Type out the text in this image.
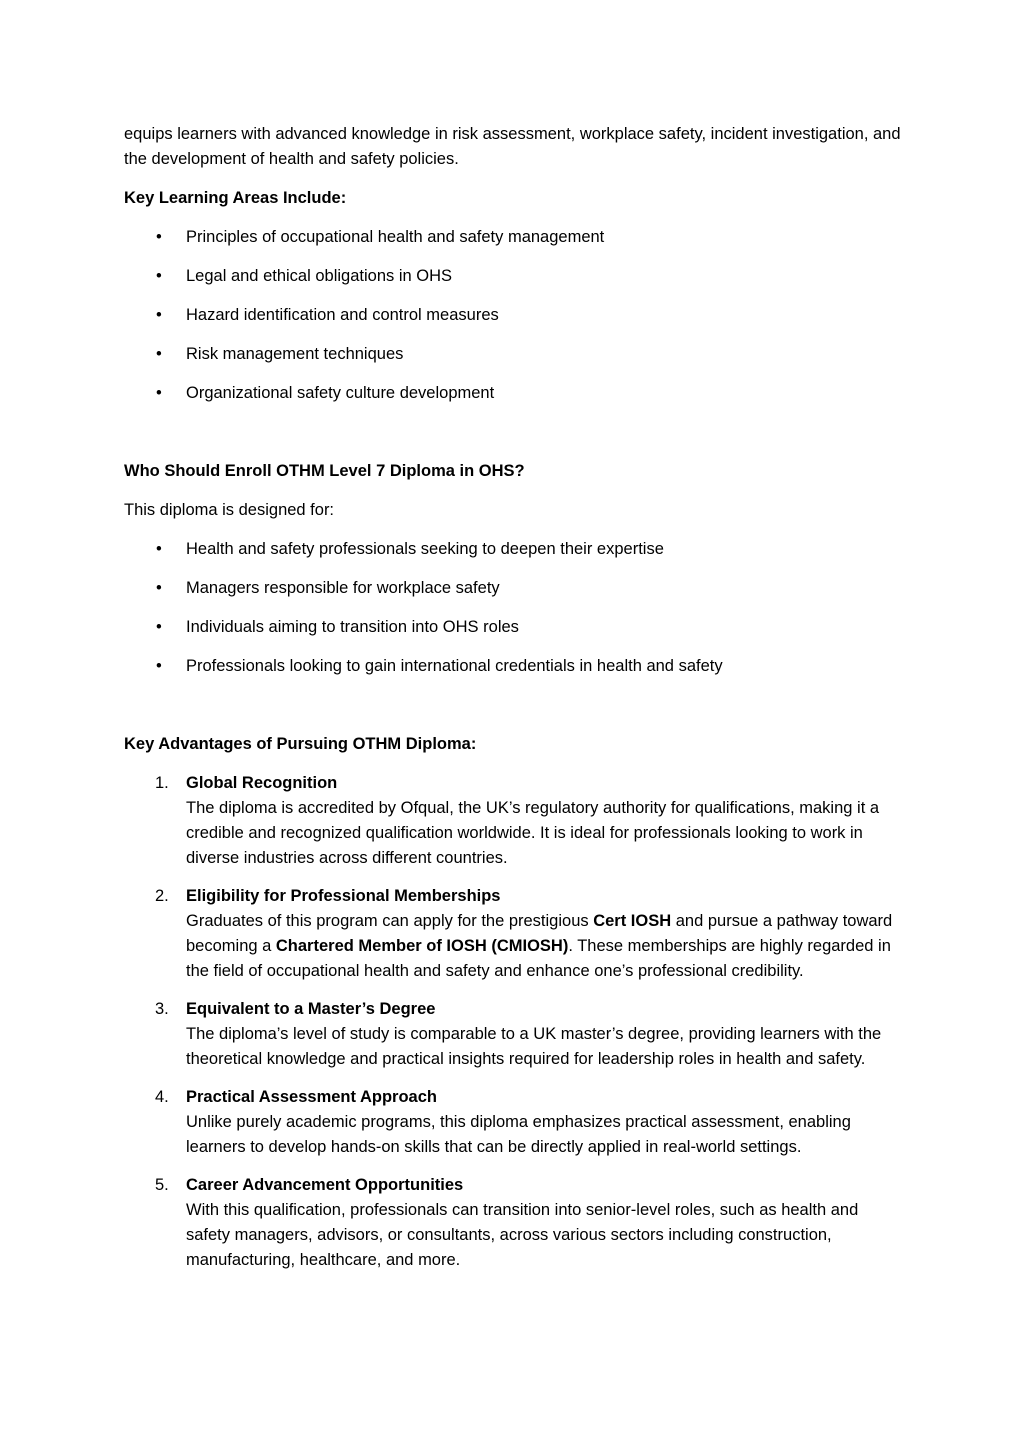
equips learners with advanced knowledge in risk assessment, workplace safety, incident investigation, and the development of health and safety policies.

Key Learning Areas Include:

• Principles of occupational health and safety management
• Legal and ethical obligations in OHS
• Hazard identification and control measures
• Risk management techniques
• Organizational safety culture development

Who Should Enroll OTHM Level 7 Diploma in OHS?

This diploma is designed for:

• Health and safety professionals seeking to deepen their expertise
• Managers responsible for workplace safety
• Individuals aiming to transition into OHS roles
• Professionals looking to gain international credentials in health and safety

Key Advantages of Pursuing OTHM Diploma:

1. Global Recognition
The diploma is accredited by Ofqual, the UK’s regulatory authority for qualifications, making it a credible and recognized qualification worldwide. It is ideal for professionals looking to work in diverse industries across different countries.
2. Eligibility for Professional Memberships
Graduates of this program can apply for the prestigious Cert IOSH and pursue a pathway toward becoming a Chartered Member of IOSH (CMIOSH). These memberships are highly regarded in the field of occupational health and safety and enhance one’s professional credibility.
3. Equivalent to a Master’s Degree
The diploma’s level of study is comparable to a UK master’s degree, providing learners with the theoretical knowledge and practical insights required for leadership roles in health and safety.
4. Practical Assessment Approach
Unlike purely academic programs, this diploma emphasizes practical assessment, enabling learners to develop hands-on skills that can be directly applied in real-world settings.
5. Career Advancement Opportunities
With this qualification, professionals can transition into senior-level roles, such as health and safety managers, advisors, or consultants, across various sectors including construction, manufacturing, healthcare, and more.
